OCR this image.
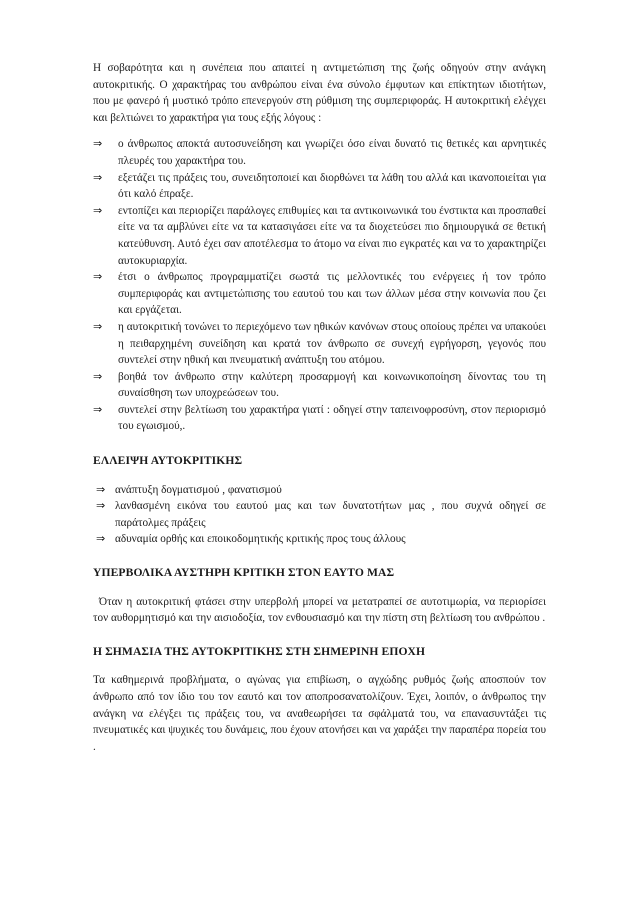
Η σοβαρότητα και η συνέπεια που απαιτεί η αντιμετώπιση της ζωής οδηγούν στην ανάγκη αυτοκριτικής. Ο χαρακτήρας του ανθρώπου είναι ένα σύνολο έμφυτων και επίκτητων ιδιοτήτων, που με φανερό ή μυστικό τρόπο επενεργούν στη ρύθμιση της συμπεριφοράς. Η αυτοκριτική ελέγχει και βελτιώνει το χαρακτήρα για τους εξής λόγους :

⇒ ο άνθρωπος αποκτά αυτοσυνείδηση και γνωρίζει όσο είναι δυνατό τις θετικές και αρνητικές πλευρές του χαρακτήρα του.
⇒ εξετάζει τις πράξεις του, συνειδητοποιεί και διορθώνει τα λάθη του αλλά και ικανοποιείται για ότι καλό έπραξε.
⇒ εντοπίζει και περιορίζει παράλογες επιθυμίες και τα αντικοινωνικά του ένστικτα και προσπαθεί είτε να τα αμβλύνει είτε να τα κατασιγάσει είτε να τα διοχετεύσει πιο δημιουργικά σε θετική κατεύθυνση. Αυτό έχει σαν αποτέλεσμα το άτομο να είναι πιο εγκρατές και να το χαρακτηρίζει αυτοκυριαρχία.
⇒ έτσι ο άνθρωπος προγραμματίζει σωστά τις μελλοντικές του ενέργειες ή τον τρόπο συμπεριφοράς και αντιμετώπισης του εαυτού του και των άλλων μέσα στην κοινωνία που ζει και εργάζεται.
⇒ η αυτοκριτική τονώνει το περιεχόμενο των ηθικών κανόνων στους οποίους πρέπει να υπακούει η πειθαρχημένη συνείδηση και κρατά τον άνθρωπο σε συνεχή εγρήγορση, γεγονός που συντελεί στην ηθική και πνευματική ανάπτυξη του ατόμου.
⇒ βοηθά τον άνθρωπο στην καλύτερη προσαρμογή και κοινωνικοποίηση δίνοντας του τη συναίσθηση των υποχρεώσεων του.
⇒ συντελεί στην βελτίωση του χαρακτήρα γιατί : οδηγεί στην ταπεινοφροσύνη, στον περιορισμό του εγωισμού,.
ΕΛΛΕΙΨΗ ΑΥΤΟΚΡΙΤΙΚΗΣ
⇒ ανάπτυξη δογματισμού , φανατισμού
⇒ λανθασμένη εικόνα του εαυτού μας και των δυνατοτήτων μας , που συχνά οδηγεί σε παράτολμες πράξεις
⇒ αδυναμία ορθής και εποικοδομητικής κριτικής προς τους άλλους
ΥΠΕΡΒΟΛΙΚΑ ΑΥΣΤΗΡΗ ΚΡΙΤΙΚΗ ΣΤΟΝ ΕΑΥΤΟ ΜΑΣ

Όταν η αυτοκριτική φτάσει στην υπερβολή μπορεί να μετατραπεί σε αυτοτιμωρία, να περιορίσει τον αυθορμητισμό και την αισιοδοξία, τον ενθουσιασμό και την πίστη στη βελτίωση του ανθρώπου .

Η ΣΗΜΑΣΙΑ ΤΗΣ ΑΥΤΟΚΡΙΤΙΚΗΣ ΣΤΗ ΣΗΜΕΡΙΝΗ ΕΠΟΧΗ

Τα καθημερινά προβλήματα, ο αγώνας για επιβίωση, ο αγχώδης ρυθμός ζωής αποσπούν τον άνθρωπο από τον ίδιο του τον εαυτό και τον αποπροσανατολίζουν. Έχει, λοιπόν, ο άνθρωπος την ανάγκη να ελέγξει τις πράξεις του, να αναθεωρήσει τα σφάλματά του, να επανασυντάξει τις πνευματικές και ψυχικές του δυνάμεις, που έχουν ατονήσει και να χαράξει την παραπέρα πορεία του .
